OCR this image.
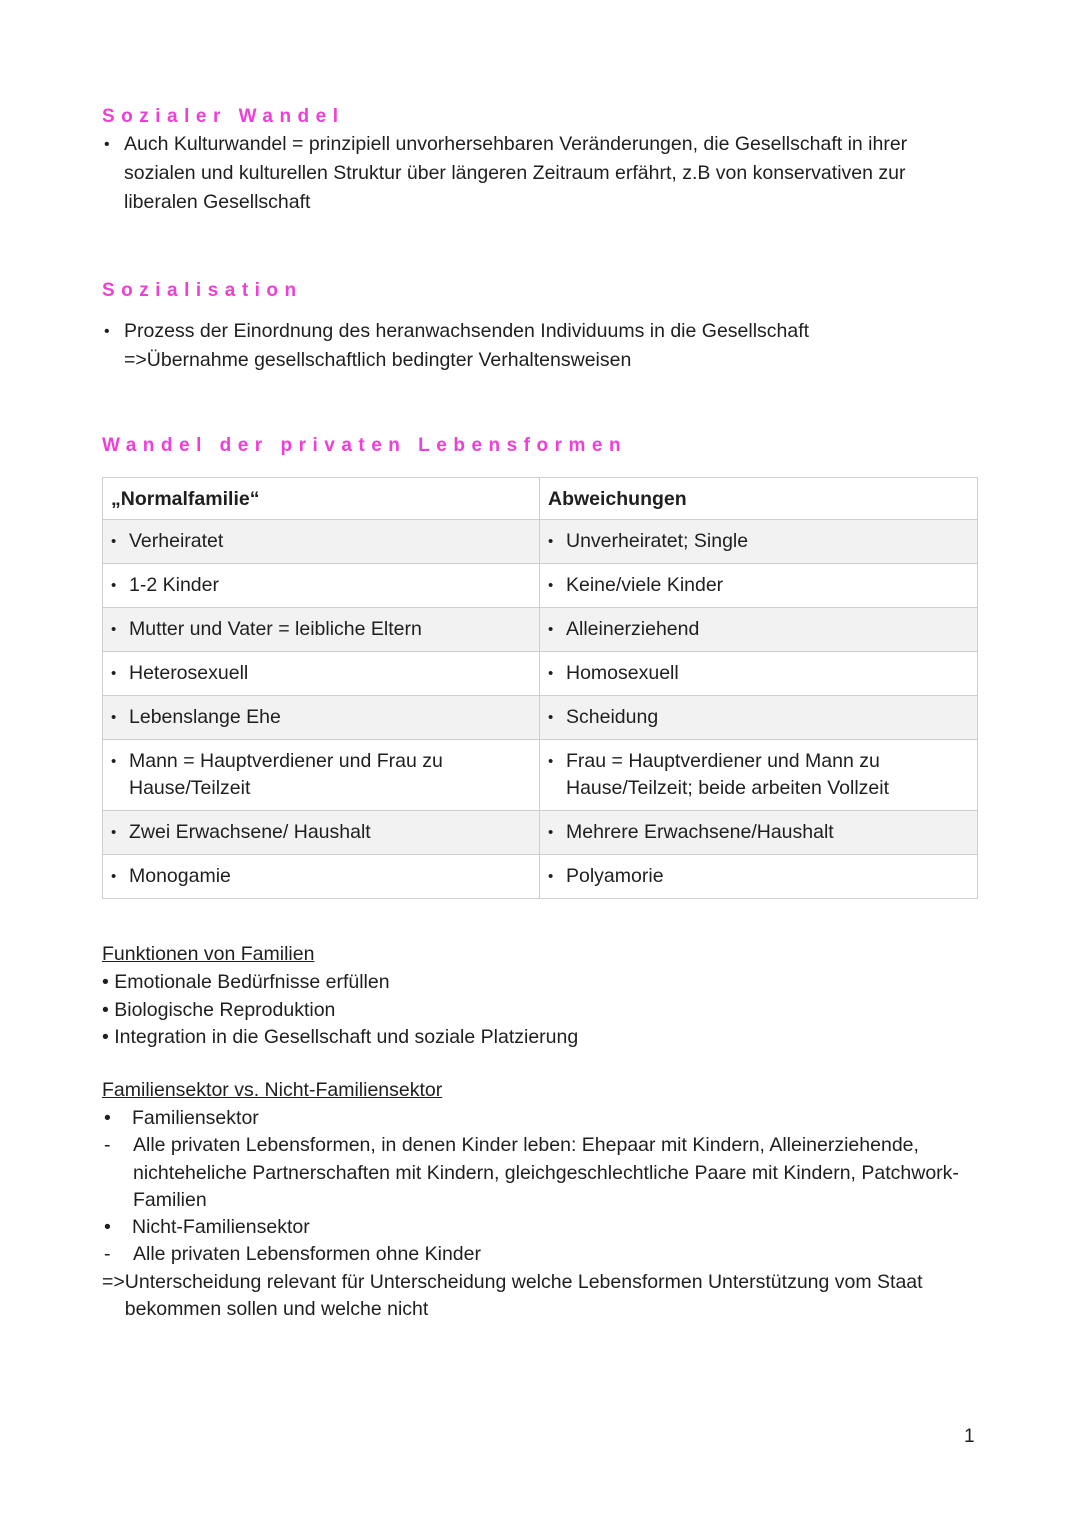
Sozialer Wandel
• Auch Kulturwandel = prinzipiell unvorhersehbaren Veränderungen, die Gesellschaft in ihrer sozialen und kulturellen Struktur über längeren Zeitraum erfährt, z.B von konservativen zur liberalen Gesellschaft
Sozialisation
• Prozess der Einordnung des heranwachsenden Individuums in die Gesellschaft
=>Übernahme gesellschaftlich bedingter Verhaltensweisen
Wandel der privaten Lebensformen
„Normalfamilie“	Abweichungen

• Verheiratet	• Unverheiratet; Single

• 1-2 Kinder	• Keine/viele Kinder

• Mutter und Vater = leibliche Eltern	• Alleinerziehend

• Heterosexuell	• Homosexuell

• Lebenslange Ehe	• Scheidung

• Mann = Hauptverdiener und Frau zu Hause/Teilzeit	• Frau = Hauptverdiener und Mann zu Hause/Teilzeit; beide arbeiten Vollzeit

• Zwei Erwachsene/ Haushalt	• Mehrere Erwachsene/Haushalt

• Monogamie	• Polyamorie
Funktionen von Familien
• Emotionale Bedürfnisse erfüllen
• Biologische Reproduktion
• Integration in die Gesellschaft und soziale Platzierung
Familiensektor vs. Nicht-Familiensektor
•	Familiensektor
-	Alle privaten Lebensformen, in denen Kinder leben: Ehepaar mit Kindern, Alleinerziehende, nichteheliche Partnerschaften mit Kindern, gleichgeschlechtliche Paare mit Kindern, Patchwork-Familien
•	Nicht-Familiensektor
-	Alle privaten Lebensformen ohne Kinder
=> Unterscheidung relevant für Unterscheidung welche Lebensformen Unterstützung vom Staat bekommen sollen und welche nicht
1
